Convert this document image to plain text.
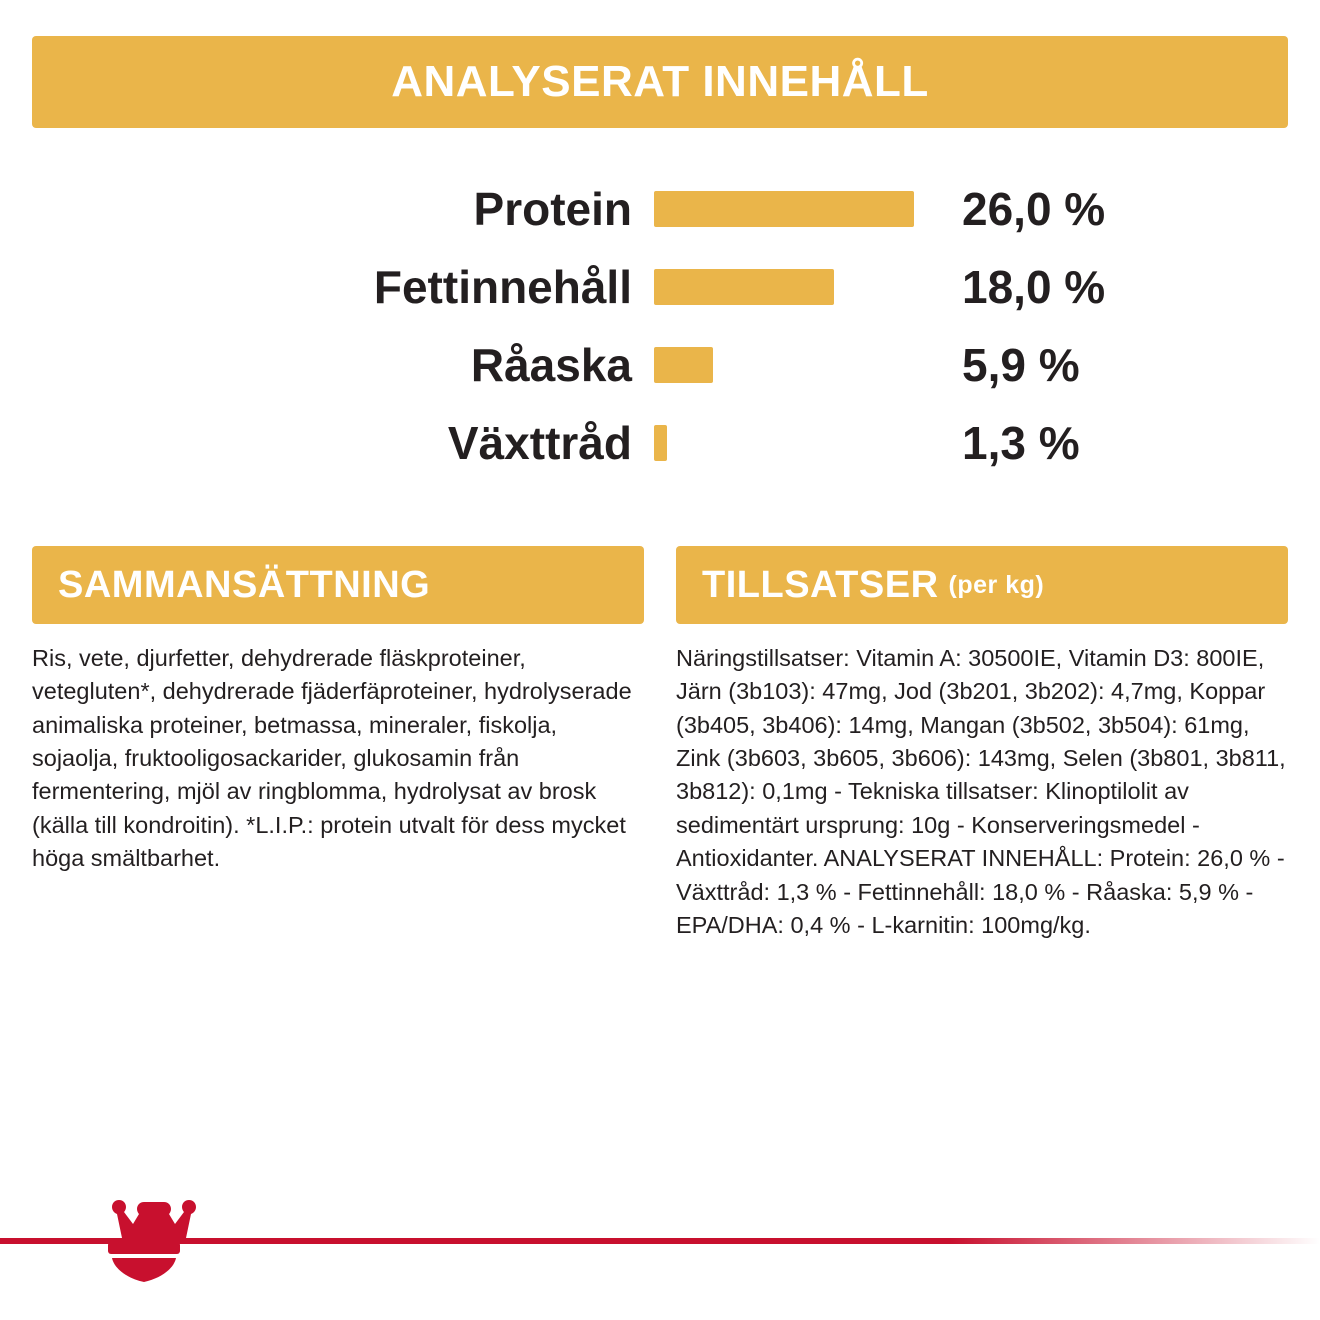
ANALYSERAT INNEHÅLL
Protein	26,0 %
Fettinnehåll	18,0 %
Råaska	5,9 %
Växttråd	1,3 %
SAMMANSÄTTNING

Ris, vete, djurfetter, dehydrerade fläskproteiner, vetegluten*, dehydrerade fjäderfäproteiner, hydrolyserade animaliska proteiner, betmassa, mineraler, fiskolja, sojaolja, fruktooligosackarider, glukosamin från fermentering, mjöl av ringblomma, hydrolysat av brosk (källa till kondroitin). *L.I.P.: protein utvalt för dess mycket höga smältbarhet.

TILLSATSER (per kg)

Näringstillsatser: Vitamin A: 30500IE, Vitamin D3: 800IE, Järn (3b103): 47mg, Jod (3b201, 3b202): 4,7mg, Koppar (3b405, 3b406): 14mg, Mangan (3b502, 3b504): 61mg, Zink (3b603, 3b605, 3b606): 143mg, Selen (3b801, 3b811, 3b812): 0,1mg - Tekniska tillsatser: Klinoptilolit av sedimentärt ursprung: 10g - Konserveringsmedel - Antioxidanter. ANALYSERAT INNEHÅLL: Protein: 26,0 % - Växttråd: 1,3 % - Fettinnehåll: 18,0 % - Råaska: 5,9 % - EPA/DHA: 0,4 % - L-karnitin: 100mg/kg.
